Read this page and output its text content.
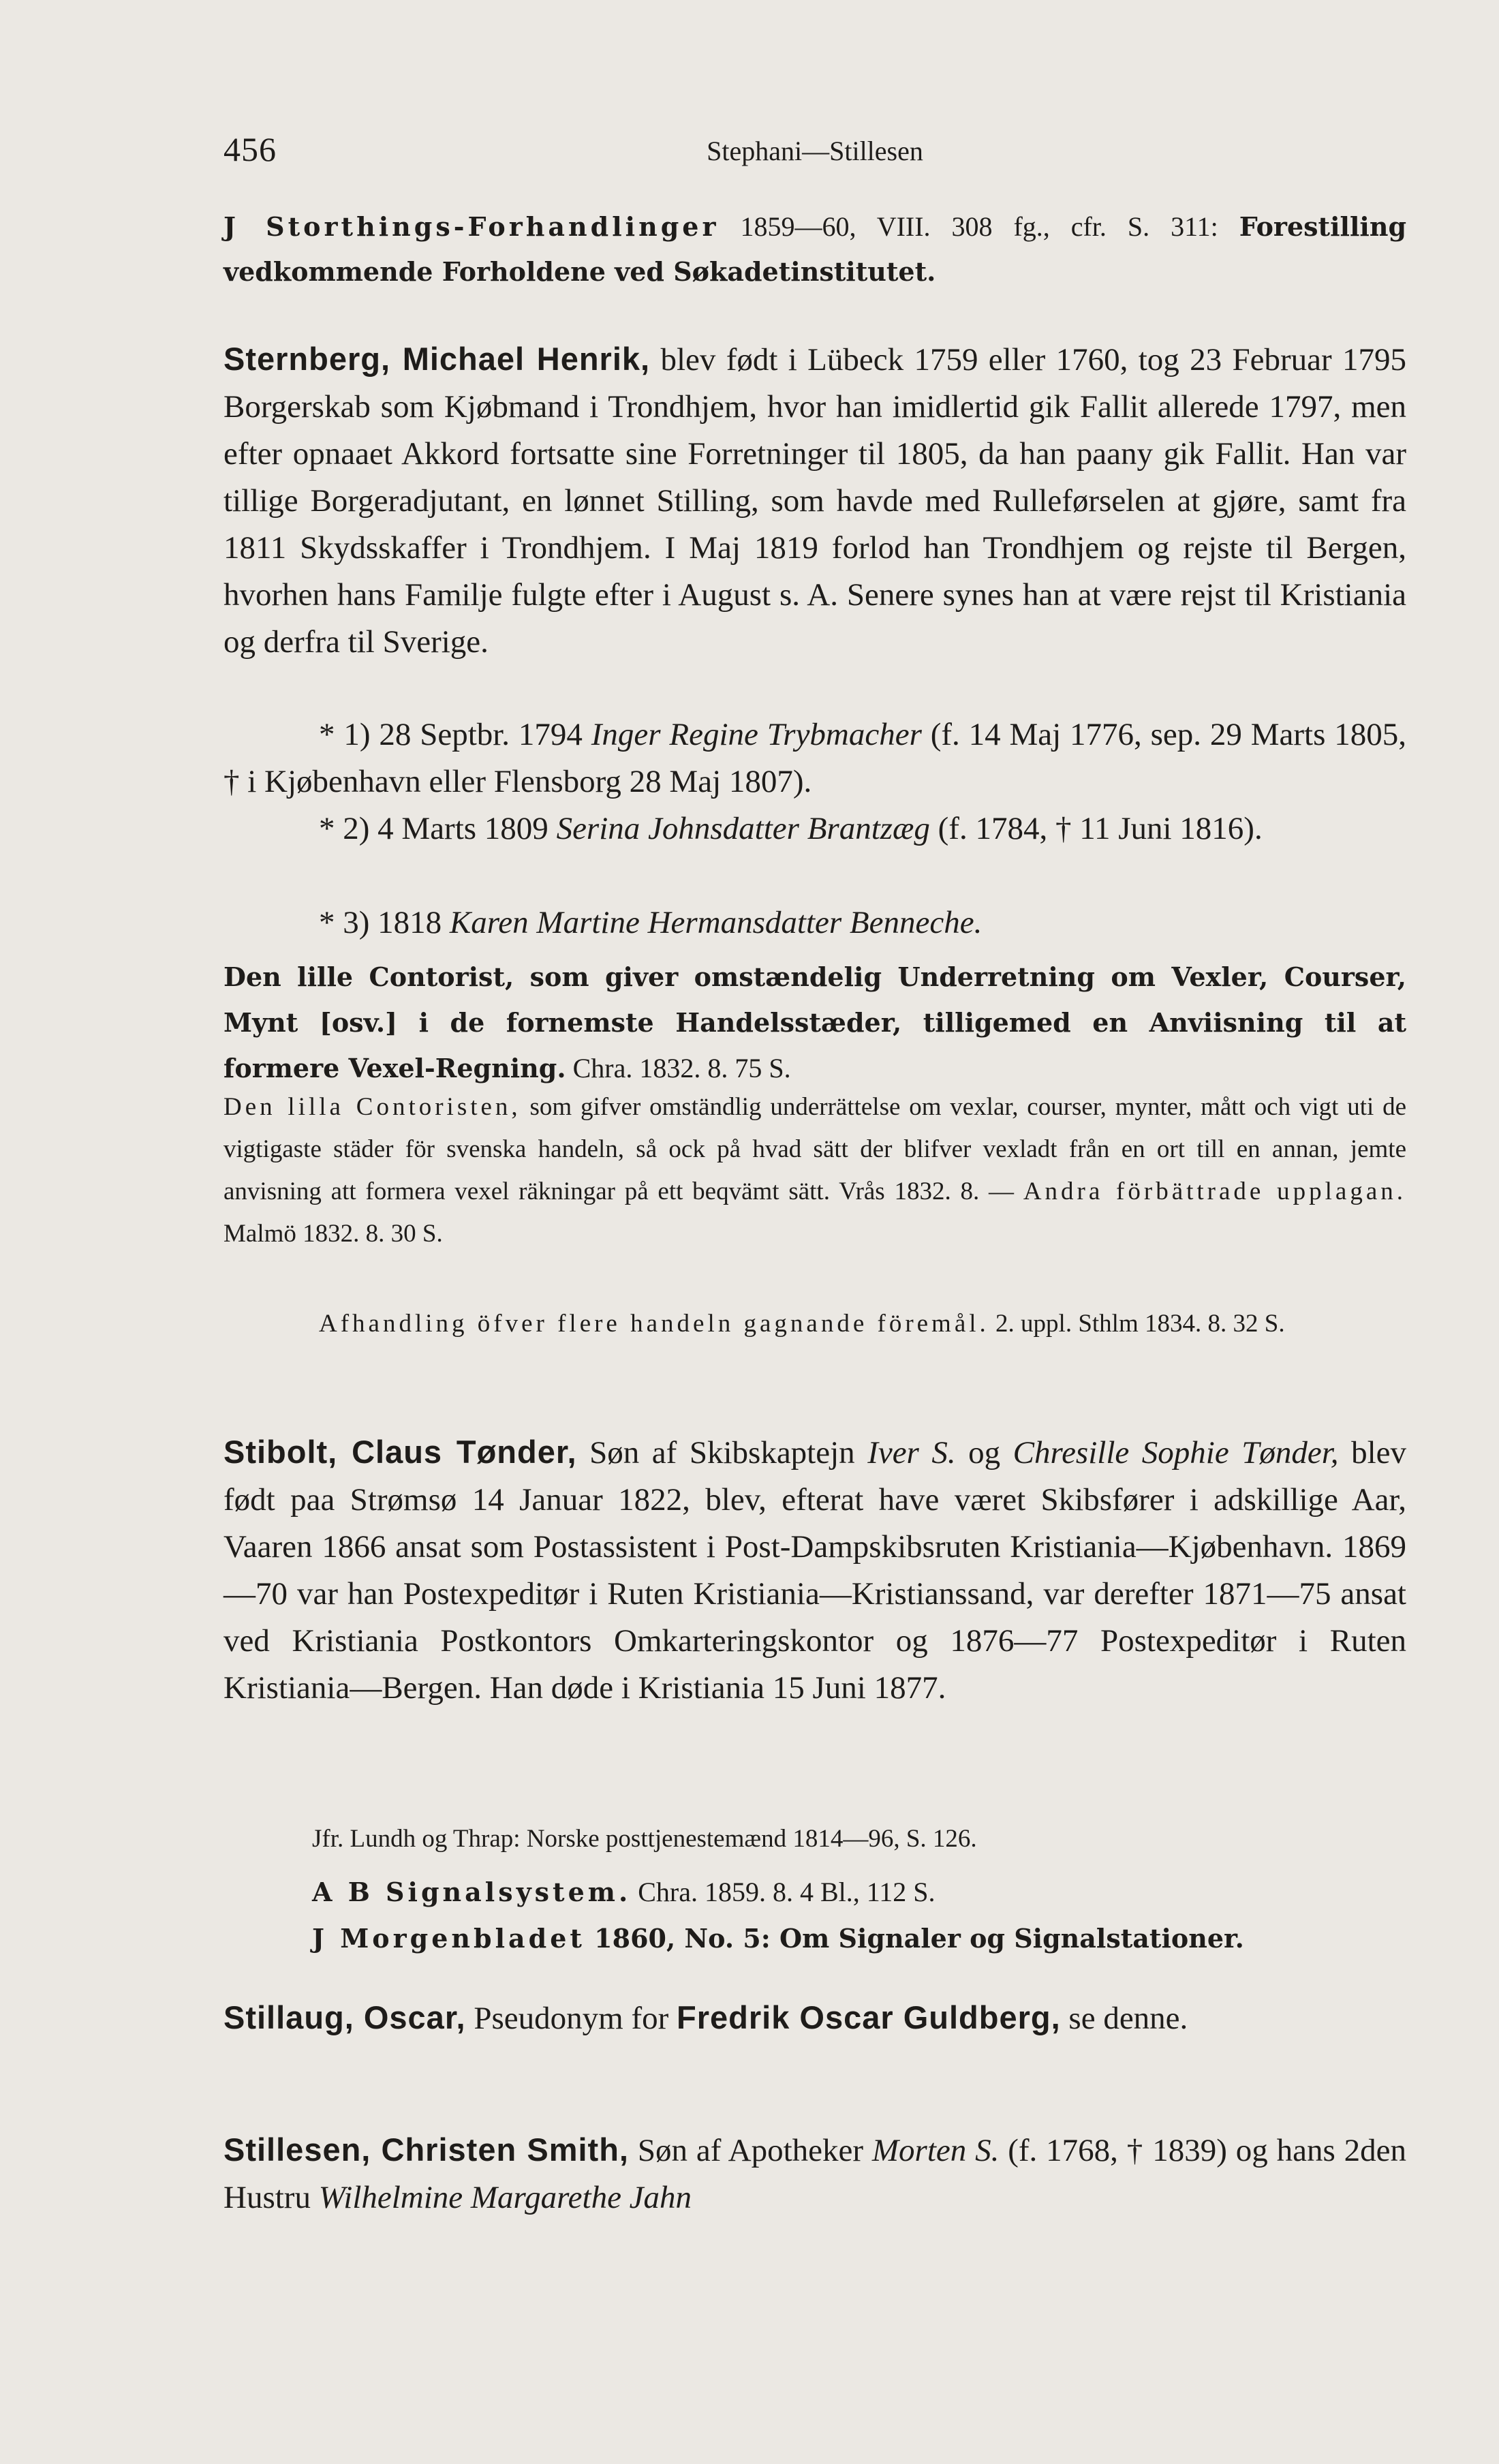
456	Stephani—Stillesen
J Storthings-Forhandlinger 1859—60, VIII. 308 fg., cfr. S. 311: Forestilling vedkommende Forholdene ved Søkadetinstitutet.
Sternberg, Michael Henrik, blev født i Lübeck 1759 eller 1760, tog 23 Februar 1795 Borgerskab som Kjøbmand i Trondhjem, hvor han imidlertid gik Fallit allerede 1797, men efter opnaaet Akkord fortsatte sine Forretninger til 1805, da han paany gik Fallit. Han var tillige Borgeradjutant, en lønnet Stilling, som havde med Rulleførselen at gjøre, samt fra 1811 Skydsskaffer i Trondhjem. I Maj 1819 forlod han Trondhjem og rejste til Bergen, hvorhen hans Familje fulgte efter i August s. A. Senere synes han at være rejst til Kristiania og derfra til Sverige.
* 1) 28 Septbr. 1794 Inger Regine Trybmacher (f. 14 Maj 1776, sep. 29 Marts 1805, † i Kjøbenhavn eller Flensborg 28 Maj 1807).
* 2) 4 Marts 1809 Serina Johnsdatter Brantzæg (f. 1784, † 11 Juni 1816).
* 3) 1818 Karen Martine Hermansdatter Benneche.
Den lille Contorist, som giver omstændelig Underretning om Vexler, Courser, Mynt [osv.] i de fornemste Handelsstæder, tilligemed en Anviisning til at formere Vexel-Regning. Chra. 1832. 8. 75 S.
Den lilla Contoristen, som gifver omständlig underrättelse om vexlar, courser, mynter, mått och vigt uti de vigtigaste städer för svenska handeln, så ock på hvad sätt der blifver vexladt från en ort till en annan, jemte anvisning att formera vexel räkningar på ett beqvämt sätt. Vrås 1832. 8. — Andra förbättrade upplagan. Malmö 1832. 8. 30 S.
Afhandling öfver flere handeln gagnande föremål. 2. uppl. Sthlm 1834. 8. 32 S.
Stibolt, Claus Tønder, Søn af Skibskaptejn Iver S. og Chresille Sophie Tønder, blev født paa Strømsø 14 Januar 1822, blev, efterat have været Skibsfører i adskillige Aar, Vaaren 1866 ansat som Postassistent i Post-Dampskibsruten Kristiania—Kjøbenhavn. 1869—70 var han Postexpeditør i Ruten Kristiania—Kristianssand, var derefter 1871—75 ansat ved Kristiania Postkontors Omkarteringskontor og 1876—77 Postexpeditør i Ruten Kristiania—Bergen. Han døde i Kristiania 15 Juni 1877.
Jfr. Lundh og Thrap: Norske posttjenestemænd 1814—96, S. 126.
A B Signalsystem. Chra. 1859. 8. 4 Bl., 112 S.
J Morgenbladet 1860, No. 5: Om Signaler og Signalstationer.
Stillaug, Oscar, Pseudonym for Fredrik Oscar Guldberg, se denne.
Stillesen, Christen Smith, Søn af Apotheker Morten S. (f. 1768, † 1839) og hans 2den Hustru Wilhelmine Margarethe Jahn
